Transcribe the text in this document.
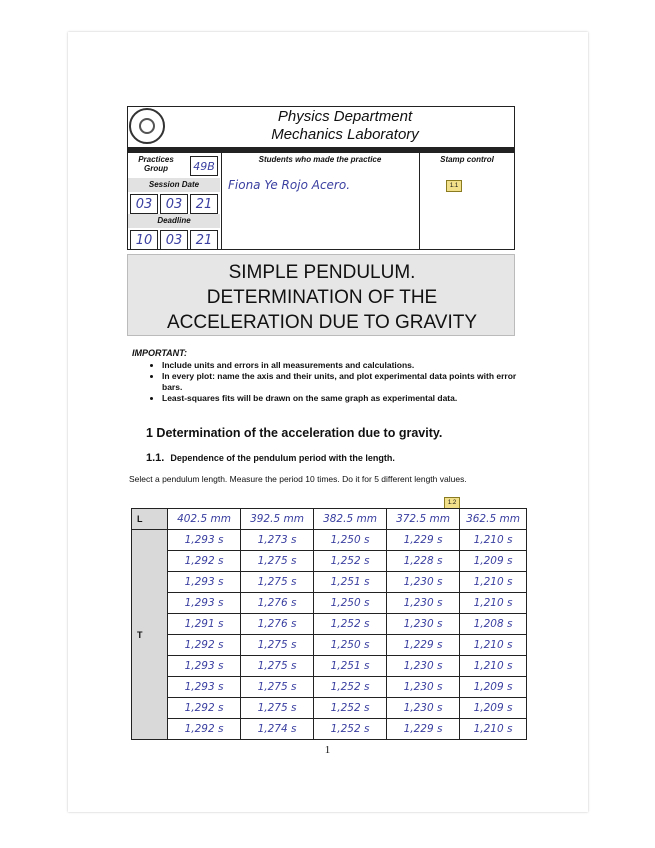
Physics Department
Mechanics Laboratory
Practices Group	49B
Session Date
03	03	21
Deadline
10	03	21
Students who made the practice
Fiona Ye Rojo Acero.
Stamp control
1.1
SIMPLE PENDULUM.
DETERMINATION OF THE
ACCELERATION DUE TO GRAVITY
IMPORTANT:
• Include units and errors in all measurements and calculations.
• In every plot: name the axis and their units, and plot experimental data points with error bars.
• Least-squares fits will be drawn on the same graph as experimental data.
1 Determination of the acceleration due to gravity.
1.1. Dependence of the pendulum period with the length.
Select a pendulum length. Measure the period 10 times. Do it for 5 different length values.
1.2
L	402.5 mm	392.5 mm	382.5 mm	372.5 mm	362.5 mm
T	1,293 s	1,273 s	1,250 s	1,229 s	1,210 s
	1,292 s	1,275 s	1,252 s	1,228 s	1,209 s
	1,293 s	1,275 s	1,251 s	1,230 s	1,210 s
	1,293 s	1,276 s	1,250 s	1,230 s	1,210 s
	1,291 s	1,276 s	1,252 s	1,230 s	1,208 s
	1,292 s	1,275 s	1,250 s	1,229 s	1,210 s
	1,293 s	1,275 s	1,251 s	1,230 s	1,210 s
	1,293 s	1,275 s	1,252 s	1,230 s	1,209 s
	1,292 s	1,275 s	1,252 s	1,230 s	1,209 s
	1,292 s	1,274 s	1,252 s	1,229 s	1,210 s
1
